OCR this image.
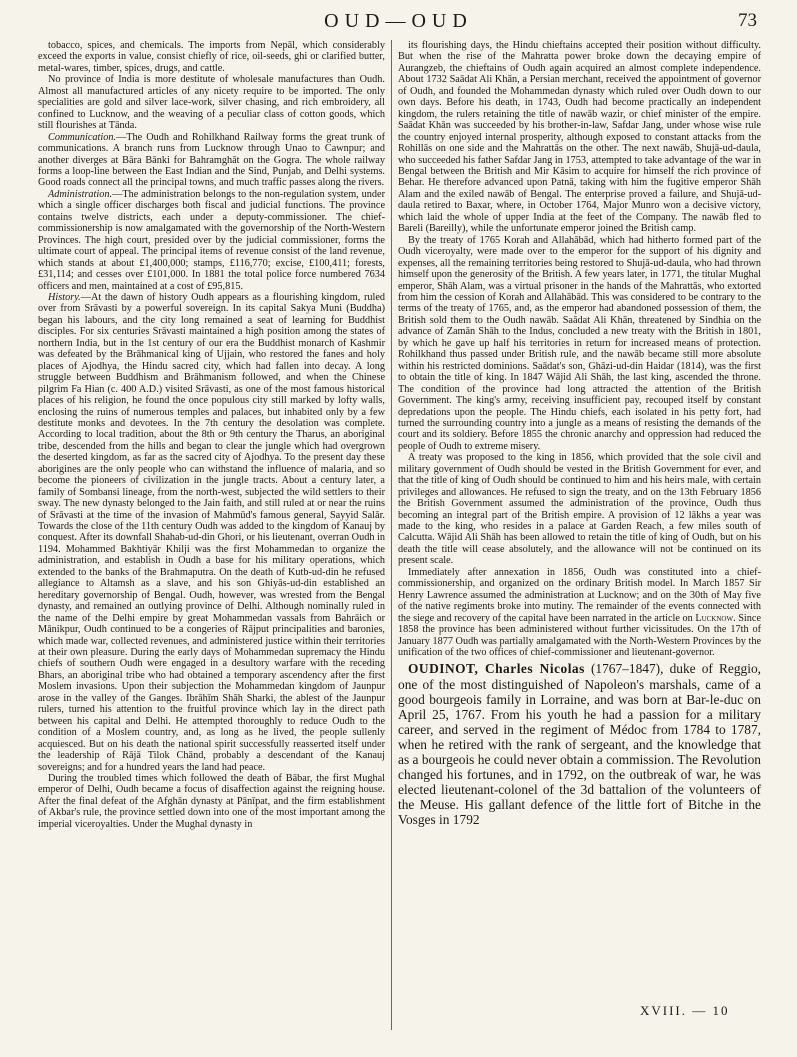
OUD—OUD	73

tobacco, spices, and chemicals. The imports from Nepāl, which considerably exceed the exports in value, consist chiefly of rice, oil-seeds, ghi or clarified butter, metal-wares, timber, spices, drugs, and cattle.

No province of India is more destitute of wholesale manufactures than Oudh. Almost all manufactured articles of any nicety require to be imported. The only specialities are gold and silver lace-work, silver chasing, and rich embroidery, all confined to Lucknow, and the weaving of a peculiar class of cotton goods, which still flourishes at Tānda.

Communication.—The Oudh and Rohilkhand Railway forms the great trunk of communications. A branch runs from Lucknow through Unao to Cawnpur; and another diverges at Bāra Bānki for Bahramghāt on the Gogra. The whole railway forms a loop-line between the East Indian and the Sind, Punjab, and Delhi systems. Good roads connect all the principal towns, and much traffic passes along the rivers.

Administration.—The administration belongs to the non-regulation system, under which a single officer discharges both fiscal and judicial functions. The province contains twelve districts, each under a deputy-commissioner. The chief-commissionership is now amalgamated with the governorship of the North-Western Provinces. The high court, presided over by the judicial commissioner, forms the ultimate court of appeal. The principal items of revenue consist of the land revenue, which stands at about £1,400,000; stamps, £116,770; excise, £100,411; forests, £31,114; and cesses over £101,000. In 1881 the total police force numbered 7634 officers and men, maintained at a cost of £95,815.

History.—At the dawn of history Oudh appears as a flourishing kingdom, ruled over from Srāvasti by a powerful sovereign. In its capital Sakya Muni (Buddha) began his labours, and the city long remained a seat of learning for Buddhist disciples. For six centuries Srāvasti maintained a high position among the states of northern India, but in the 1st century of our era the Buddhist monarch of Kashmir was defeated by the Brāhmanical king of Ujjain, who restored the fanes and holy places of Ajodhya, the Hindu sacred city, which had fallen into decay. A long struggle between Buddhism and Brāhmanism followed, and when the Chinese pilgrim Fa Hian (c. 400 A.D.) visited Srāvasti, as one of the most famous historical places of his religion, he found the once populous city still marked by lofty walls, enclosing the ruins of numerous temples and palaces, but inhabited only by a few destitute monks and devotees. In the 7th century the desolation was complete. According to local tradition, about the 8th or 9th century the Tharus, an aboriginal tribe, descended from the hills and began to clear the jungle which had overgrown the deserted kingdom, as far as the sacred city of Ajodhya. To the present day these aborigines are the only people who can withstand the influence of malaria, and so become the pioneers of civilization in the jungle tracts. About a century later, a family of Sombansi lineage, from the north-west, subjected the wild settlers to their sway. The new dynasty belonged to the Jain faith, and still ruled at or near the ruins of Srāvasti at the time of the invasion of Mahmūd's famous general, Sayyid Salār. Towards the close of the 11th century Oudh was added to the kingdom of Kanauj by conquest. After its downfall Shahab-ud-din Ghori, or his lieutenant, overran Oudh in 1194. Mohammed Bakhtiyār Khilji was the first Mohammedan to organize the administration, and establish in Oudh a base for his military operations, which extended to the banks of the Brahmaputra. On the death of Kutb-ud-din he refused allegiance to Altamsh as a slave, and his son Ghiyās-ud-din established an hereditary governorship of Bengal. Oudh, however, was wrested from the Bengal dynasty, and remained an outlying province of Delhi. Although nominally ruled in the name of the Delhi empire by great Mohammedan vassals from Bahrāich or Mānikpur, Oudh continued to be a congeries of Rājput principalities and baronies, which made war, collected revenues, and administered justice within their territories at their own pleasure. During the early days of Mohammedan supremacy the Hindu chiefs of southern Oudh were engaged in a desultory warfare with the receding Bhars, an aboriginal tribe who had obtained a temporary ascendency after the first Moslem invasions. Upon their subjection the Mohammedan kingdom of Jaunpur arose in the valley of the Ganges. Ibrāhīm Shāh Sharki, the ablest of the Jaunpur rulers, turned his attention to the fruitful province which lay in the direct path between his capital and Delhi. He attempted thoroughly to reduce Oudh to the condition of a Moslem country, and, as long as he lived, the people sullenly acquiesced. But on his death the national spirit successfully reasserted itself under the leadership of Rājā Tilok Chānd, probably a descendant of the Kanauj sovereigns; and for a hundred years the land had peace.

During the troubled times which followed the death of Bābar, the first Mughal emperor of Delhi, Oudh became a focus of disaffection against the reigning house. After the final defeat of the Afghān dynasty at Pānīpat, and the firm establishment of Akbar's rule, the province settled down into one of the most important among the imperial viceroyalties. Under the Mughal dynasty in

its flourishing days, the Hindu chieftains accepted their position without difficulty. But when the rise of the Mahratta power broke down the decaying empire of Aurangzeb, the chieftains of Oudh again acquired an almost complete independence. About 1732 Saādat Ali Khān, a Persian merchant, received the appointment of governor of Oudh, and founded the Mohammedan dynasty which ruled over Oudh down to our own days. Before his death, in 1743, Oudh had become practically an independent kingdom, the rulers retaining the title of nawāb wazir, or chief minister of the empire. Saādat Khān was succeeded by his brother-in-law, Safdar Jang, under whose wise rule the country enjoyed internal prosperity, although exposed to constant attacks from the Rohillās on one side and the Mahrattās on the other. The next nawāb, Shujā-ud-daula, who succeeded his father Safdar Jang in 1753, attempted to take advantage of the war in Bengal between the British and Mir Kāsim to acquire for himself the rich province of Behar. He therefore advanced upon Patnā, taking with him the fugitive emperor Shāh Alam and the exiled nawāb of Bengal. The enterprise proved a failure, and Shujā-ud-daula retired to Baxar, where, in October 1764, Major Munro won a decisive victory, which laid the whole of upper India at the feet of the Company. The nawāb fled to Bareli (Bareilly), while the unfortunate emperor joined the British camp.

By the treaty of 1765 Korah and Allahābād, which had hitherto formed part of the Oudh viceroyalty, were made over to the emperor for the support of his dignity and expenses, all the remaining territories being restored to Shujā-ud-daula, who had thrown himself upon the generosity of the British. A few years later, in 1771, the titular Mughal emperor, Shāh Alam, was a virtual prisoner in the hands of the Mahrattās, who extorted from him the cession of Korah and Allahābād. This was considered to be contrary to the terms of the treaty of 1765, and, as the emperor had abandoned possession of them, the British sold them to the Oudh nawāb. Saādat Ali Khān, threatened by Sindhia on the advance of Zamān Shāh to the Indus, concluded a new treaty with the British in 1801, by which he gave up half his territories in return for increased means of protection. Rohilkhand thus passed under British rule, and the nawāb became still more absolute within his restricted dominions. Saādat's son, Ghāzi-ud-din Haidar (1814), was the first to obtain the title of king. In 1847 Wājid Ali Shāh, the last king, ascended the throne. The condition of the province had long attracted the attention of the British Government. The king's army, receiving insufficient pay, recouped itself by constant depredations upon the people. The Hindu chiefs, each isolated in his petty fort, had turned the surrounding country into a jungle as a means of resisting the demands of the court and its soldiery. Before 1855 the chronic anarchy and oppression had reduced the people of Oudh to extreme misery.

A treaty was proposed to the king in 1856, which provided that the sole civil and military government of Oudh should be vested in the British Government for ever, and that the title of king of Oudh should be continued to him and his heirs male, with certain privileges and allowances. He refused to sign the treaty, and on the 13th February 1856 the British Government assumed the administration of the province, Oudh thus becoming an integral part of the British empire. A provision of 12 lākhs a year was made to the king, who resides in a palace at Garden Reach, a few miles south of Calcutta. Wājid Ali Shāh has been allowed to retain the title of king of Oudh, but on his death the title will cease absolutely, and the allowance will not be continued on its present scale.

Immediately after annexation in 1856, Oudh was constituted into a chief-commissionership, and organized on the ordinary British model. In March 1857 Sir Henry Lawrence assumed the administration at Lucknow; and on the 30th of May five of the native regiments broke into mutiny. The remainder of the events connected with the siege and recovery of the capital have been narrated in the article on Lucknow. Since 1858 the province has been administered without further vicissitudes. On the 17th of January 1877 Oudh was partially amalgamated with the North-Western Provinces by the unification of the two offices of chief-commissioner and lieutenant-governor.

OUDINOT, Charles Nicolas (1767–1847), duke of Reggio, one of the most distinguished of Napoleon's marshals, came of a good bourgeois family in Lorraine, and was born at Bar-le-duc on April 25, 1767. From his youth he had a passion for a military career, and served in the regiment of Médoc from 1784 to 1787, when he retired with the rank of sergeant, and the knowledge that as a bourgeois he could never obtain a commission. The Revolution changed his fortunes, and in 1792, on the outbreak of war, he was elected lieutenant-colonel of the 3d battalion of the volunteers of the Meuse. His gallant defence of the little fort of Bitche in the Vosges in 1792

XVIII. — 10
